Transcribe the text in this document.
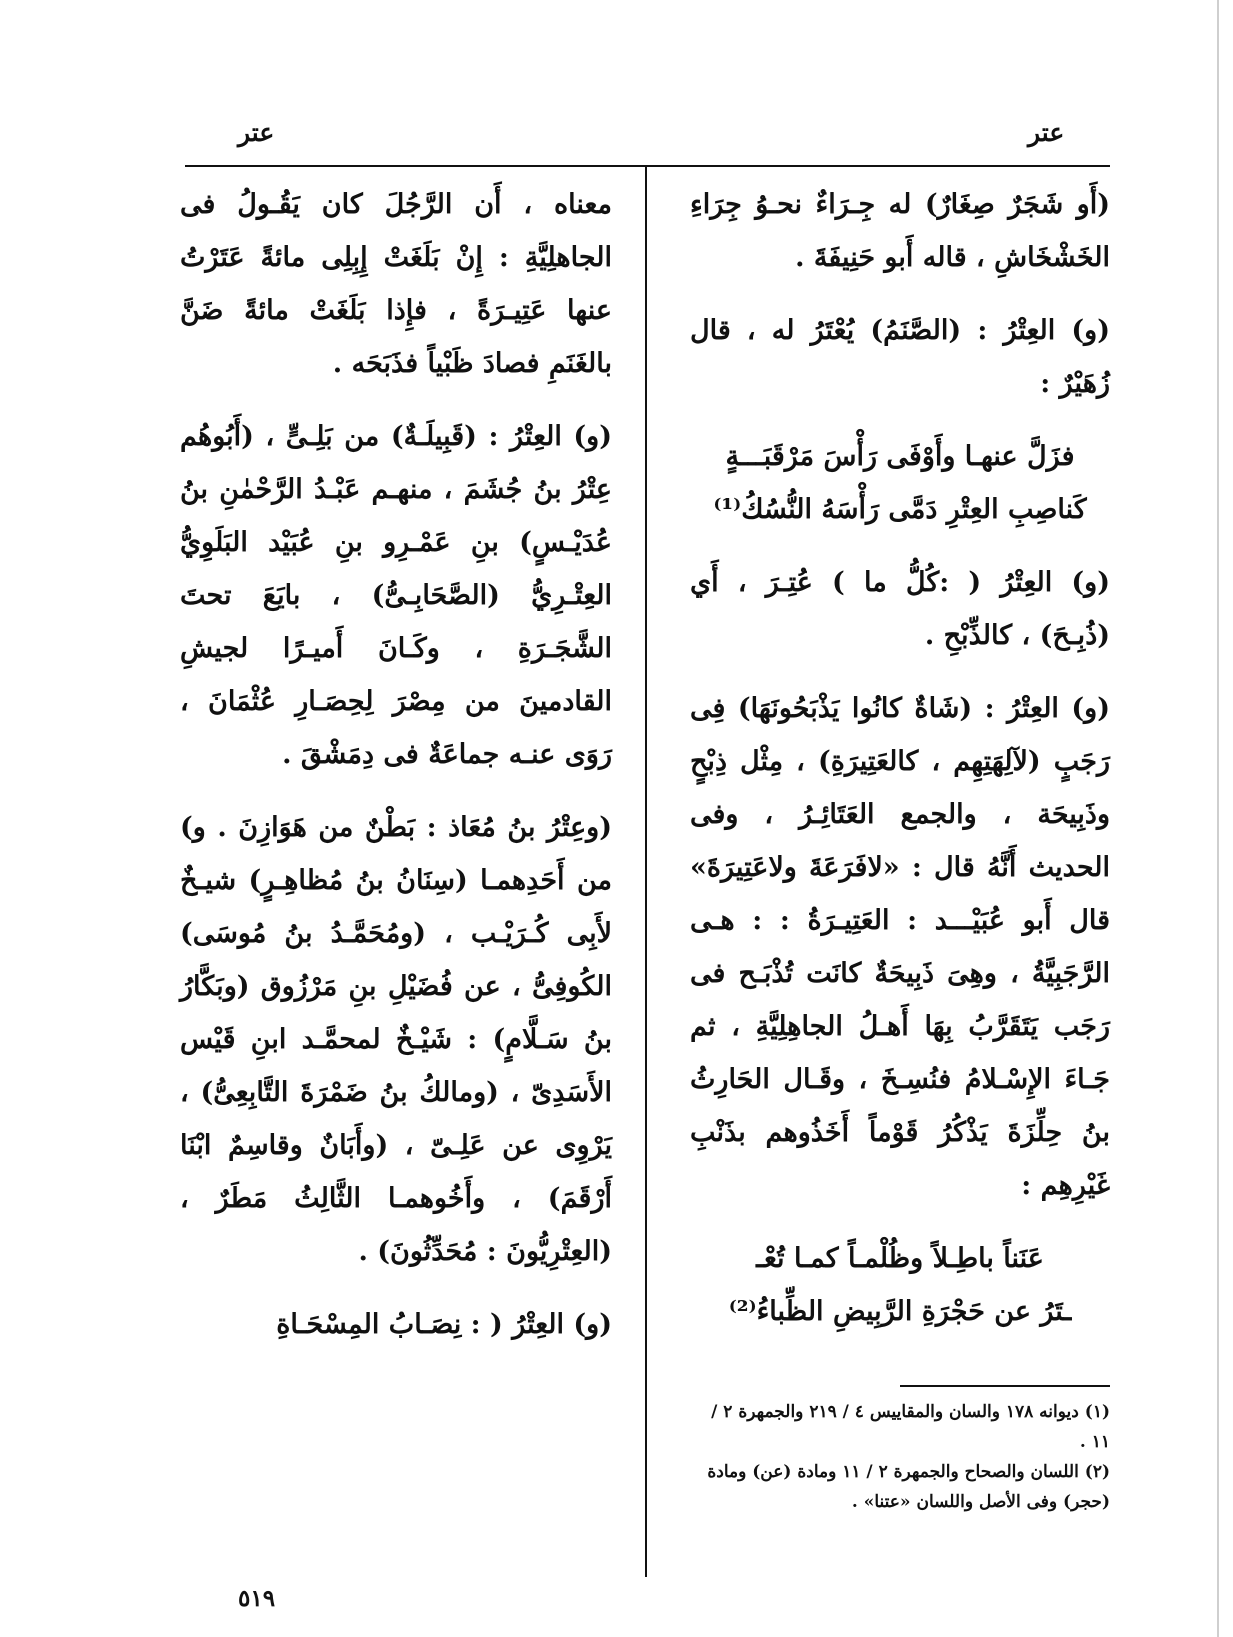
عتر
عتر

(أَو شَجَرٌ صِغَارٌ) له جِـرَاءٌ نحـوُ جِرَاءِ الخَشْخَاشِ ، قاله أَبو حَنِيفَةَ .

(و) العِتْرُ : (الصَّنَمُ) يُعْتَرُ له ، قال زُهَيْرٌ :

فزَلَّ عنهـا وأَوْفَى رَأْسَ مَرْقَبَـــةٍ
كَناصِبِ العِتْرِ دَمَّى رَأْسَهُ النُّسُكُ⁽¹⁾

(و) العِتْرُ ( :كُلُّ ما ) عُتِـرَ ، أَي (ذُبِـحَ) ، كالذِّبْحِ .

(و) العِتْرُ : (شَاةٌ كانُوا يَذْبَحُونَهَا) فِى رَجَبٍ (لآلِهَتِهِم ، كالعَتِيرَةِ) ، مِثْل ذِبْحٍ وذَبِيحَة ، والجمع العَتَائِـرُ ، وفى الحديث أَنَّهُ قال : «لافَرَعَةَ ولاعَتِيرَةَ» قال أَبو عُبَيْـــد : العَتِيـرَةُ : : هـى الرَّجَبِيَّةُ ، وهِىَ ذَبِيحَةٌ كانَت تُذْبَـح فى رَجَب يَتَقَرَّبُ بِهَا أَهـلُ الجاهِلِيَّةِ ، ثم جَـاءَ الإِسْـلامُ فنُسِـخَ ، وقَـال الحَارِثُ بنُ حِلِّزَةَ يَذْكُرُ قَوْماً أَخَذُوهم بذَنْبِ غَيْرِهِم :

عَنَناً باطِـلاً وظُلْمـاً كمـا تُعْـ
ـتَرُ عن حَجْرَةِ الرَّبِيضِ الظِّباءُ⁽²⁾

(١) ديوانه ١٧٨ والسان والمقاييس ٤ / ٢١٩ والجمهرة ٢ / ١١ .

(٢) اللسان والصحاح والجمهرة ٢ / ١١ ومادة (عن) ومادة (حجر) وفى الأصل واللسان «عتنا» .

معناه ، أَن الرَّجُلَ كان يَقُـولُ فى الجاهلِيَّةِ : إِنْ بَلَغَتْ إِبِلِى مائةً عَتَرْتُ عنها عَتِيـرَةً ، فإِذا بَلَغَتْ مائةً ضَنَّ بالغَنَمِ فصادَ ظَبْياً فذَبَحَه .

(و) العِتْرُ : (قَبِيلَـةٌ) من بَلِـىٍّ ، (أَبُوهُم عِتْرُ بنُ جُشَمَ ، منهـم عَبْـدُ الرَّحْمٰنِ بنُ عُدَيْـسٍ) بنِ عَمْـرِو بنِ عُبَيْد البَلَوِيُّ العِتْـرِيُّ (الصَّحَابِـىُّ) ، بايَعَ تحتَ الشَّجَـرَةِ ، وكَـانَ أَميـرًا لجيشِ القادمينَ من مِصْرَ لِحِصَـارِ عُثْمَانَ ، رَوَى عنـه جماعَةٌ فى دِمَشْقَ .

(وعِتْرُ بنُ مُعَاذ : بَطْنٌ من هَوَازِنَ . و) من أَحَدِهمـا (سِنَانُ بنُ مُظاهِـرٍ) شيـخٌ لأَبِى كُـرَيْـب ، (ومُحَمَّـدُ بنُ مُوسَى) الكُوفِىُّ ، عن فُضَيْلِ بنِ مَرْزُوق (وبَكَّارُ بنُ سَـلَّامٍ) : شَيْـخٌ لمحمَّـد ابنِ قَيْس الأَسَدِىّ ، (ومالكُ بنُ ضَمْرَةَ التَّابِعِىُّ) ، يَرْوِى عن عَلِـىّ ، (وأَبَانٌ وقاسِمٌ ابْنَا أَرْقَمَ) ، وأَخُوهمـا الثَّالِثُ مَطَرٌ ، (العِتْرِيُّونَ : مُحَدِّثُونَ) .

(و) العِتْرُ ( : نِصَـابُ المِسْحَـاةِ

٥١٩
